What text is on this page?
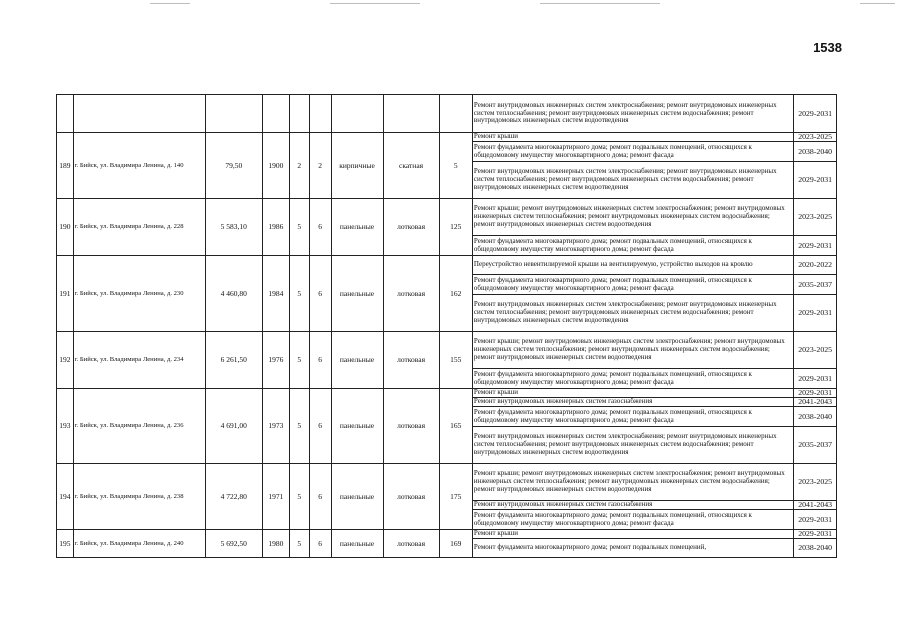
1538
									Ремонт внутридомовых инженерных систем электроснабжения; ремонт внутридомовых инженерных систем теплоснабжения; ремонт внутридомовых инженерных систем водоснабжения; ремонт внутридомовых инженерных систем водоотведения	2029-2031
189	г. Бийск, ул. Владимира Ленина, д. 140	79,50	1900	2	2	кирпичные	скатная	5	Ремонт крыши	2023-2025
									Ремонт фундамента многоквартирного дома; ремонт подвальных помещений, относящихся к общедомовому имуществу многоквартирного дома; ремонт фасада	2038-2040
									Ремонт внутридомовых инженерных систем электроснабжения; ремонт внутридомовых инженерных систем теплоснабжения; ремонт внутридомовых инженерных систем водоснабжения; ремонт внутридомовых инженерных систем водоотведения	2029-2031
190	г. Бийск, ул. Владимира Ленина, д. 228	5 583,10	1986	5	6	панельные	лотковая	125	Ремонт крыши; ремонт внутридомовых инженерных систем электроснабжения; ремонт внутридомовых инженерных систем теплоснабжения; ремонт внутридомовых инженерных систем водоснабжения; ремонт внутридомовых инженерных систем водоотведения	2023-2025
									Ремонт фундамента многоквартирного дома; ремонт подвальных помещений, относящихся к общедомовому имуществу многоквартирного дома; ремонт фасада	2029-2031
191	г. Бийск, ул. Владимира Ленина, д. 230	4 460,80	1984	5	6	панельные	лотковая	162	Переустройство невентилируемой крыши на вентилируемую, устройство выходов на кровлю	2020-2022
									Ремонт фундамента многоквартирного дома; ремонт подвальных помещений, относящихся к общедомовому имуществу многоквартирного дома; ремонт фасада	2035-2037
									Ремонт внутридомовых инженерных систем электроснабжения; ремонт внутридомовых инженерных систем теплоснабжения; ремонт внутридомовых инженерных систем водоснабжения; ремонт внутридомовых инженерных систем водоотведения	2029-2031
192	г. Бийск, ул. Владимира Ленина, д. 234	6 261,50	1976	5	6	панельные	лотковая	155	Ремонт крыши; ремонт внутридомовых инженерных систем электроснабжения; ремонт внутридомовых инженерных систем теплоснабжения; ремонт внутридомовых инженерных систем водоснабжения; ремонт внутридомовых инженерных систем водоотведения	2023-2025
									Ремонт фундамента многоквартирного дома; ремонт подвальных помещений, относящихся к общедомовому имуществу многоквартирного дома; ремонт фасада	2029-2031
193	г. Бийск, ул. Владимира Ленина, д. 236	4 691,00	1973	5	6	панельные	лотковая	165	Ремонт крыши	2029-2031
									Ремонт внутридомовых инженерных систем газоснабжения	2041-2043
									Ремонт фундамента многоквартирного дома; ремонт подвальных помещений, относящихся к общедомовому имуществу многоквартирного дома; ремонт фасада	2038-2040
									Ремонт внутридомовых инженерных систем электроснабжения; ремонт внутридомовых инженерных систем теплоснабжения; ремонт внутридомовых инженерных систем водоснабжения; ремонт внутридомовых инженерных систем водоотведения	2035-2037
194	г. Бийск, ул. Владимира Ленина, д. 238	4 722,80	1971	5	6	панельные	лотковая	175	Ремонт крыши; ремонт внутридомовых инженерных систем электроснабжения; ремонт внутридомовых инженерных систем теплоснабжения; ремонт внутридомовых инженерных систем водоснабжения; ремонт внутридомовых инженерных систем водоотведения	2023-2025
									Ремонт внутридомовых инженерных систем газоснабжения	2041-2043
									Ремонт фундамента многоквартирного дома; ремонт подвальных помещений, относящихся к общедомовому имуществу многоквартирного дома; ремонт фасада	2029-2031
195	г. Бийск, ул. Владимира Ленина, д. 240	5 692,50	1980	5	6	панельные	лотковая	169	Ремонт крыши	2029-2031
									Ремонт фундамента многоквартирного дома; ремонт подвальных помещений,	2038-2040
